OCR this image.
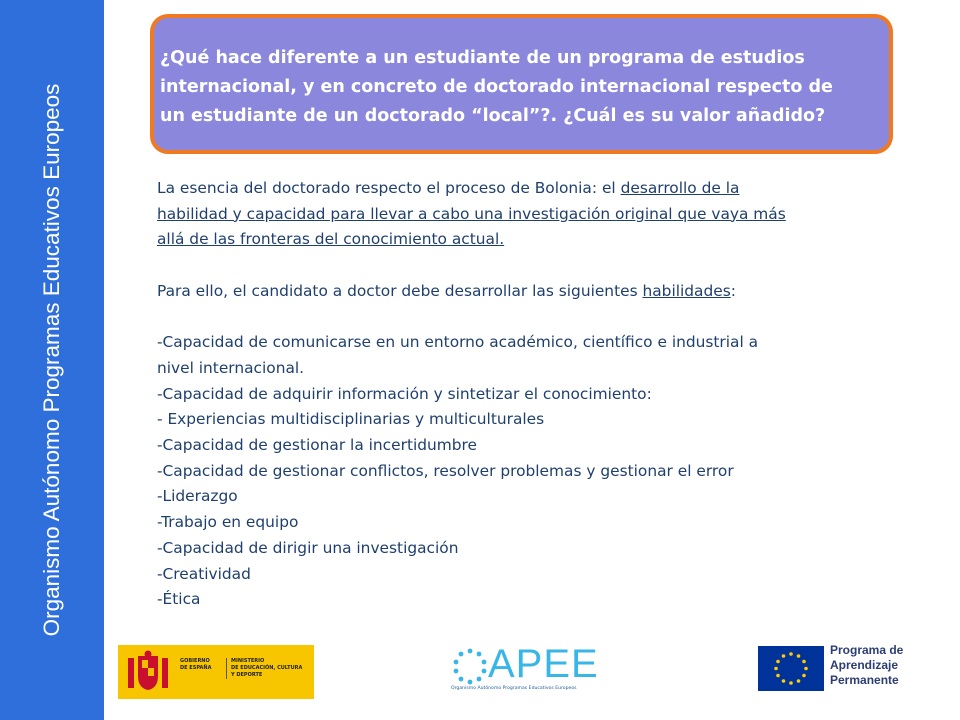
Organismo Autónomo Programas Educativos Europeos
¿Qué hace diferente a un estudiante de un programa de estudios
internacional, y en concreto de doctorado internacional respecto de
un estudiante de un doctorado “local”?. ¿Cuál es su valor añadido?
La esencia del doctorado respecto el proceso de Bolonia: el desarrollo de la
habilidad y capacidad para llevar a cabo una investigación original que vaya más
allá de las fronteras del conocimiento actual.
Para ello, el candidato a doctor debe desarrollar las siguientes habilidades:
-Capacidad de comunicarse en un entorno académico, científico e industrial a
nivel internacional.
-Capacidad de adquirir información y sintetizar el conocimiento:
- Experiencias multidisciplinarias y multiculturales
-Capacidad de gestionar la incertidumbre
-Capacidad de gestionar conflictos, resolver problemas y gestionar el error
-Liderazgo
-Trabajo en equipo
-Capacidad de dirigir una investigación
-Creatividad
-Ética
GOBIERNO
DE ESPAÑA
MINISTERIO
DE EDUCACIÓN, CULTURA
Y DEPORTE	APEE
Organismo Autónomo Programas Educativos Europeos
Programa de
Aprendizaje
Permanente
